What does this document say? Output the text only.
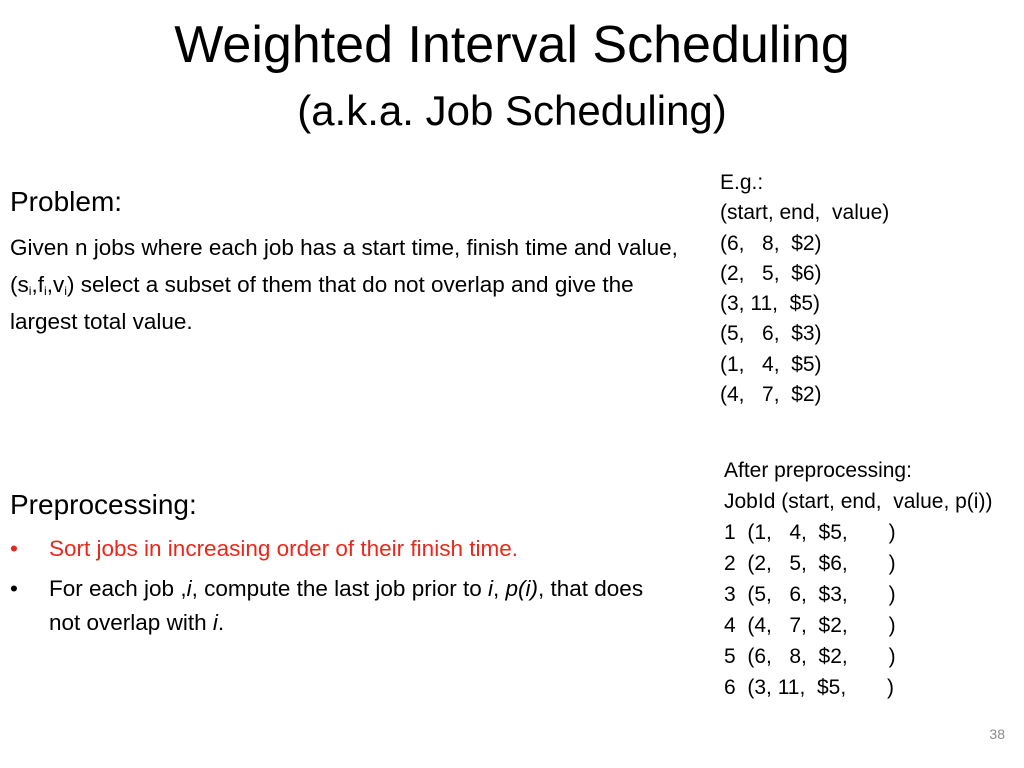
Weighted Interval Scheduling
(a.k.a. Job Scheduling)
Problem:
Given n jobs where each job has a start time, finish time and value, $(s_i,f_i,v_i)$ select a subset of them that do not overlap and give the largest total value.
E.g.:
(start, end,  value)
(6,   8,  $2)
(2,   5,  $6)
(3, 11,  $5)
(5,   6,  $3)
(1,   4,  $5)
(4,   7,  $2)
Preprocessing:
• Sort jobs in increasing order of their finish time.
• For each job ,i, compute the last job prior to i, p(i), that does not overlap with i.
After preprocessing:
JobId (start, end,  value, p(i))
1  (1,   4,  $5,       )
2  (2,   5,  $6,       )
3  (5,   6,  $3,       )
4  (4,   7,  $2,       )
5  (6,   8,  $2,       )
6  (3, 11,  $5,       )
38
